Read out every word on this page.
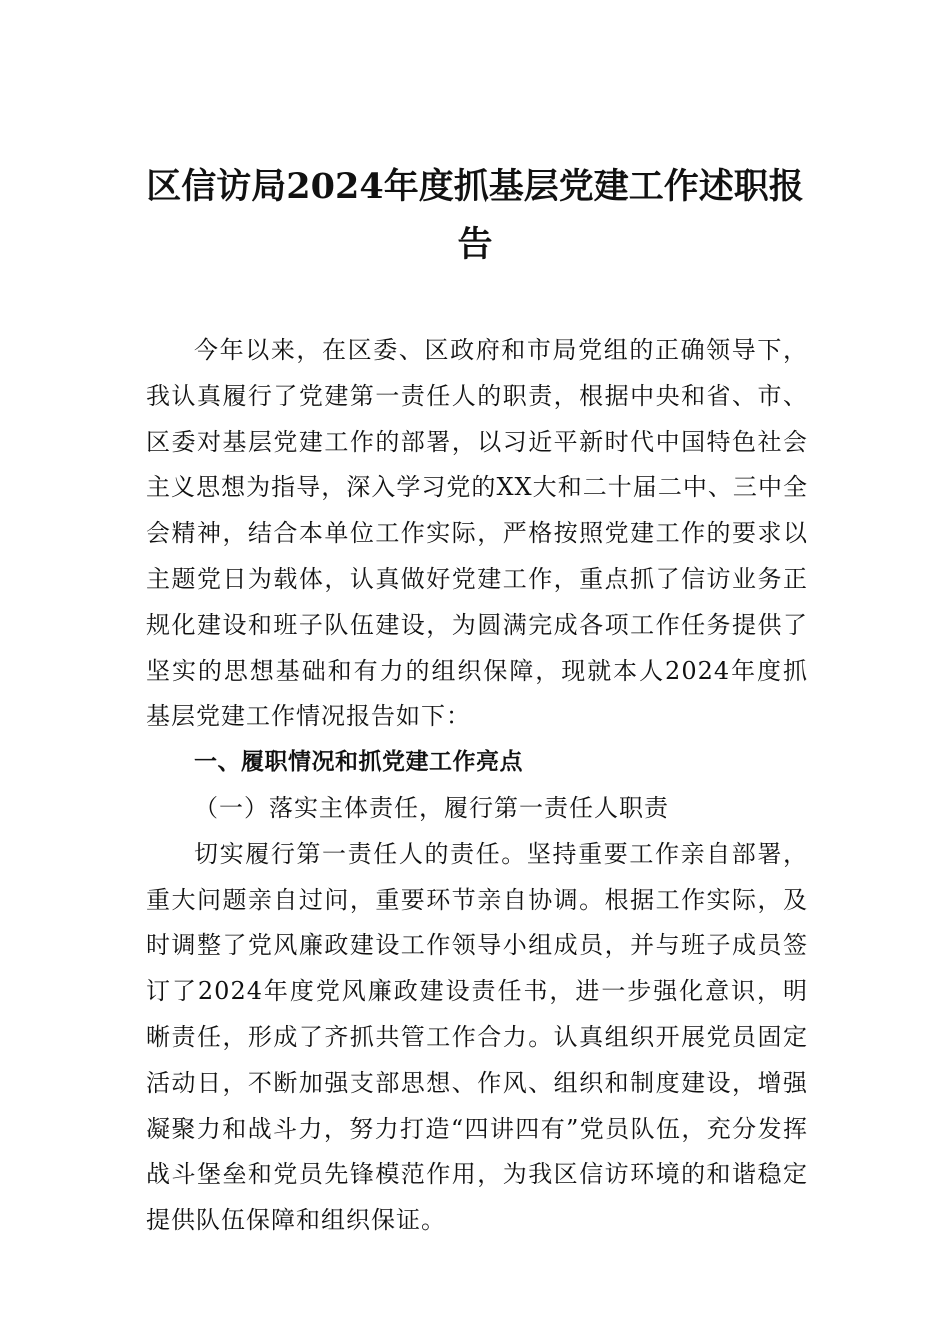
区信访局2024年度抓基层党建工作述职报告

今年以来，在区委、区政府和市局党组的正确领导下，我认真履行了党建第一责任人的职责，根据中央和省、市、区委对基层党建工作的部署，以习近平新时代中国特色社会主义思想为指导，深入学习党的XX大和二十届二中、三中全会精神，结合本单位工作实际，严格按照党建工作的要求以主题党日为载体，认真做好党建工作，重点抓了信访业务正规化建设和班子队伍建设，为圆满完成各项工作任务提供了坚实的思想基础和有力的组织保障，现就本人2024年度抓基层党建工作情况报告如下：

一、履职情况和抓党建工作亮点

（一）落实主体责任，履行第一责任人职责

切实履行第一责任人的责任。坚持重要工作亲自部署，重大问题亲自过问，重要环节亲自协调。根据工作实际，及时调整了党风廉政建设工作领导小组成员，并与班子成员签订了2024年度党风廉政建设责任书，进一步强化意识，明晰责任，形成了齐抓共管工作合力。认真组织开展党员固定活动日，不断加强支部思想、作风、组织和制度建设，增强凝聚力和战斗力，努力打造“四讲四有”党员队伍，充分发挥战斗堡垒和党员先锋模范作用，为我区信访环境的和谐稳定提供队伍保障和组织保证。
